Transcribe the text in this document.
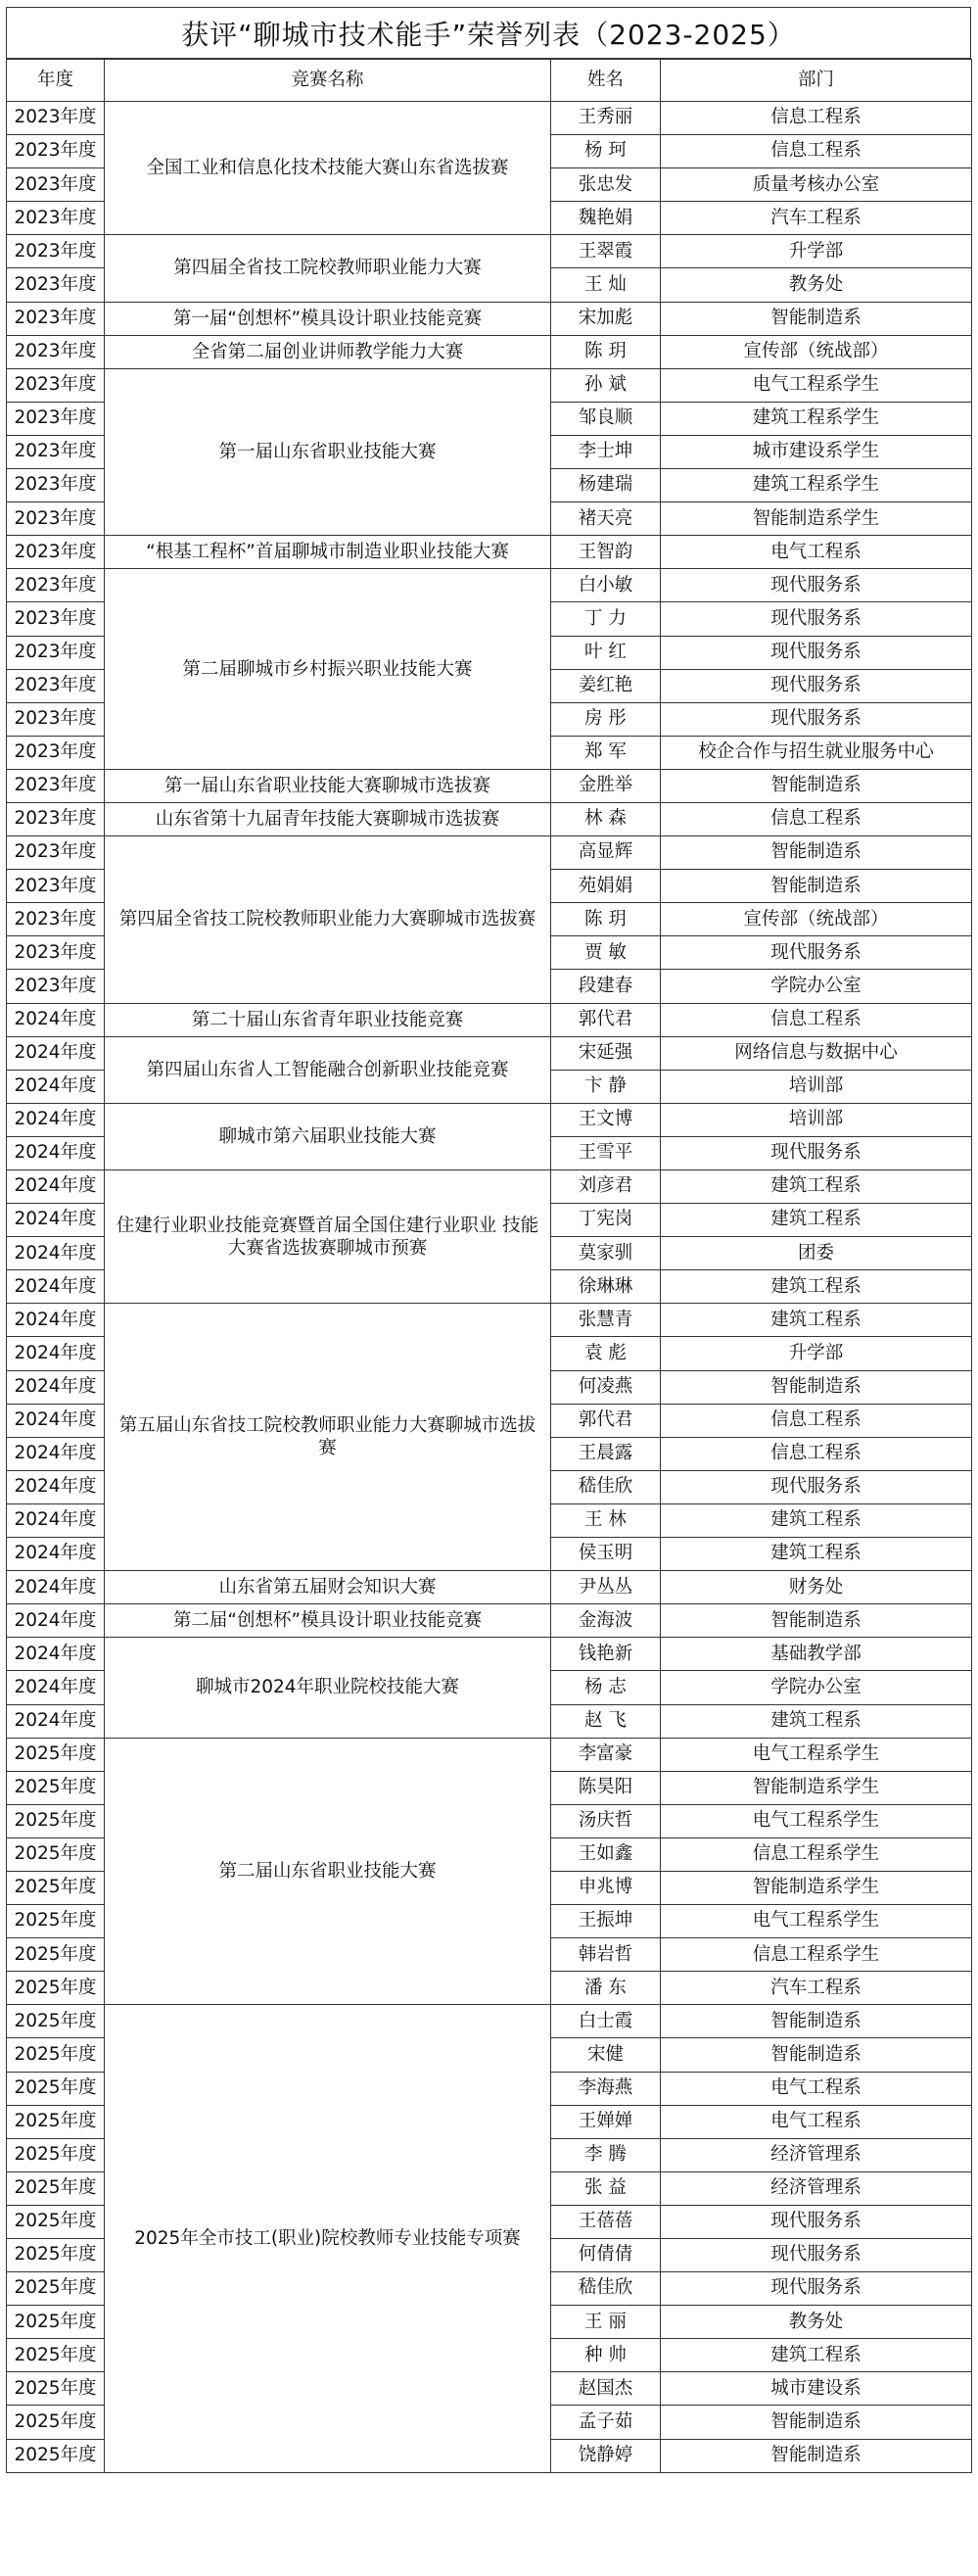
获评“聊城市技术能手”荣誉列表（2023-2025）
年度	竞赛名称	姓名	部门
2023年度	全国工业和信息化技术技能大赛山东省选拔赛	王秀丽	信息工程系
2023年度		杨 珂	信息工程系
2023年度		张忠发	质量考核办公室
2023年度		魏艳娟	汽车工程系
2023年度	第四届全省技工院校教师职业能力大赛	王翠霞	升学部
2023年度		王 灿	教务处
2023年度	第一届“创想杯”模具设计职业技能竞赛	宋加彪	智能制造系
2023年度	全省第二届创业讲师教学能力大赛	陈 玥	宣传部（统战部）
2023年度	第一届山东省职业技能大赛	孙 斌	电气工程系学生
2023年度		邹良顺	建筑工程系学生
2023年度		李士坤	城市建设系学生
2023年度		杨建瑞	建筑工程系学生
2023年度		褚天亮	智能制造系学生
2023年度	“根基工程杯”首届聊城市制造业职业技能大赛	王智韵	电气工程系
2023年度	第二届聊城市乡村振兴职业技能大赛	白小敏	现代服务系
2023年度		丁 力	现代服务系
2023年度		叶 红	现代服务系
2023年度		姜红艳	现代服务系
2023年度		房 彤	现代服务系
2023年度		郑 军	校企合作与招生就业服务中心
2023年度	第一届山东省职业技能大赛聊城市选拔赛	金胜举	智能制造系
2023年度	山东省第十九届青年技能大赛聊城市选拔赛	林 森	信息工程系
2023年度	第四届全省技工院校教师职业能力大赛聊城市选拔赛	高显辉	智能制造系
2023年度		苑娟娟	智能制造系
2023年度		陈 玥	宣传部（统战部）
2023年度		贾 敏	现代服务系
2023年度		段建春	学院办公室
2024年度	第二十届山东省青年职业技能竞赛	郭代君	信息工程系
2024年度	第四届山东省人工智能融合创新职业技能竞赛	宋延强	网络信息与数据中心
2024年度		卞 静	培训部
2024年度	聊城市第六届职业技能大赛	王文博	培训部
2024年度		王雪平	现代服务系
2024年度	住建行业职业技能竞赛暨首届全国住建行业职业 技能大赛省选拔赛聊城市预赛	刘彦君	建筑工程系
2024年度		丁宪岗	建筑工程系
2024年度		莫家驯	团委
2024年度		徐琳琳	建筑工程系
2024年度	第五届山东省技工院校教师职业能力大赛聊城市选拔赛	张慧青	建筑工程系
2024年度		袁 彪	升学部
2024年度		何凌燕	智能制造系
2024年度		郭代君	信息工程系
2024年度		王晨露	信息工程系
2024年度		嵇佳欣	现代服务系
2024年度		王 林	建筑工程系
2024年度		侯玉明	建筑工程系
2024年度	山东省第五届财会知识大赛	尹丛丛	财务处
2024年度	第二届“创想杯”模具设计职业技能竞赛	金海波	智能制造系
2024年度	聊城市2024年职业院校技能大赛	钱艳新	基础教学部
2024年度		杨 志	学院办公室
2024年度		赵 飞	建筑工程系
2025年度	第二届山东省职业技能大赛	李富豪	电气工程系学生
2025年度		陈昊阳	智能制造系学生
2025年度		汤庆哲	电气工程系学生
2025年度		王如鑫	信息工程系学生
2025年度		申兆博	智能制造系学生
2025年度		王振坤	电气工程系学生
2025年度		韩岩哲	信息工程系学生
2025年度		潘 东	汽车工程系
2025年度	2025年全市技工(职业)院校教师专业技能专项赛	白士霞	智能制造系
2025年度		宋健	智能制造系
2025年度		李海燕	电气工程系
2025年度		王婵婵	电气工程系
2025年度		李 腾	经济管理系
2025年度		张 益	经济管理系
2025年度		王蓓蓓	现代服务系
2025年度		何倩倩	现代服务系
2025年度		嵇佳欣	现代服务系
2025年度		王 丽	教务处
2025年度		种 帅	建筑工程系
2025年度		赵国杰	城市建设系
2025年度		孟子茹	智能制造系
2025年度		饶静婷	智能制造系
